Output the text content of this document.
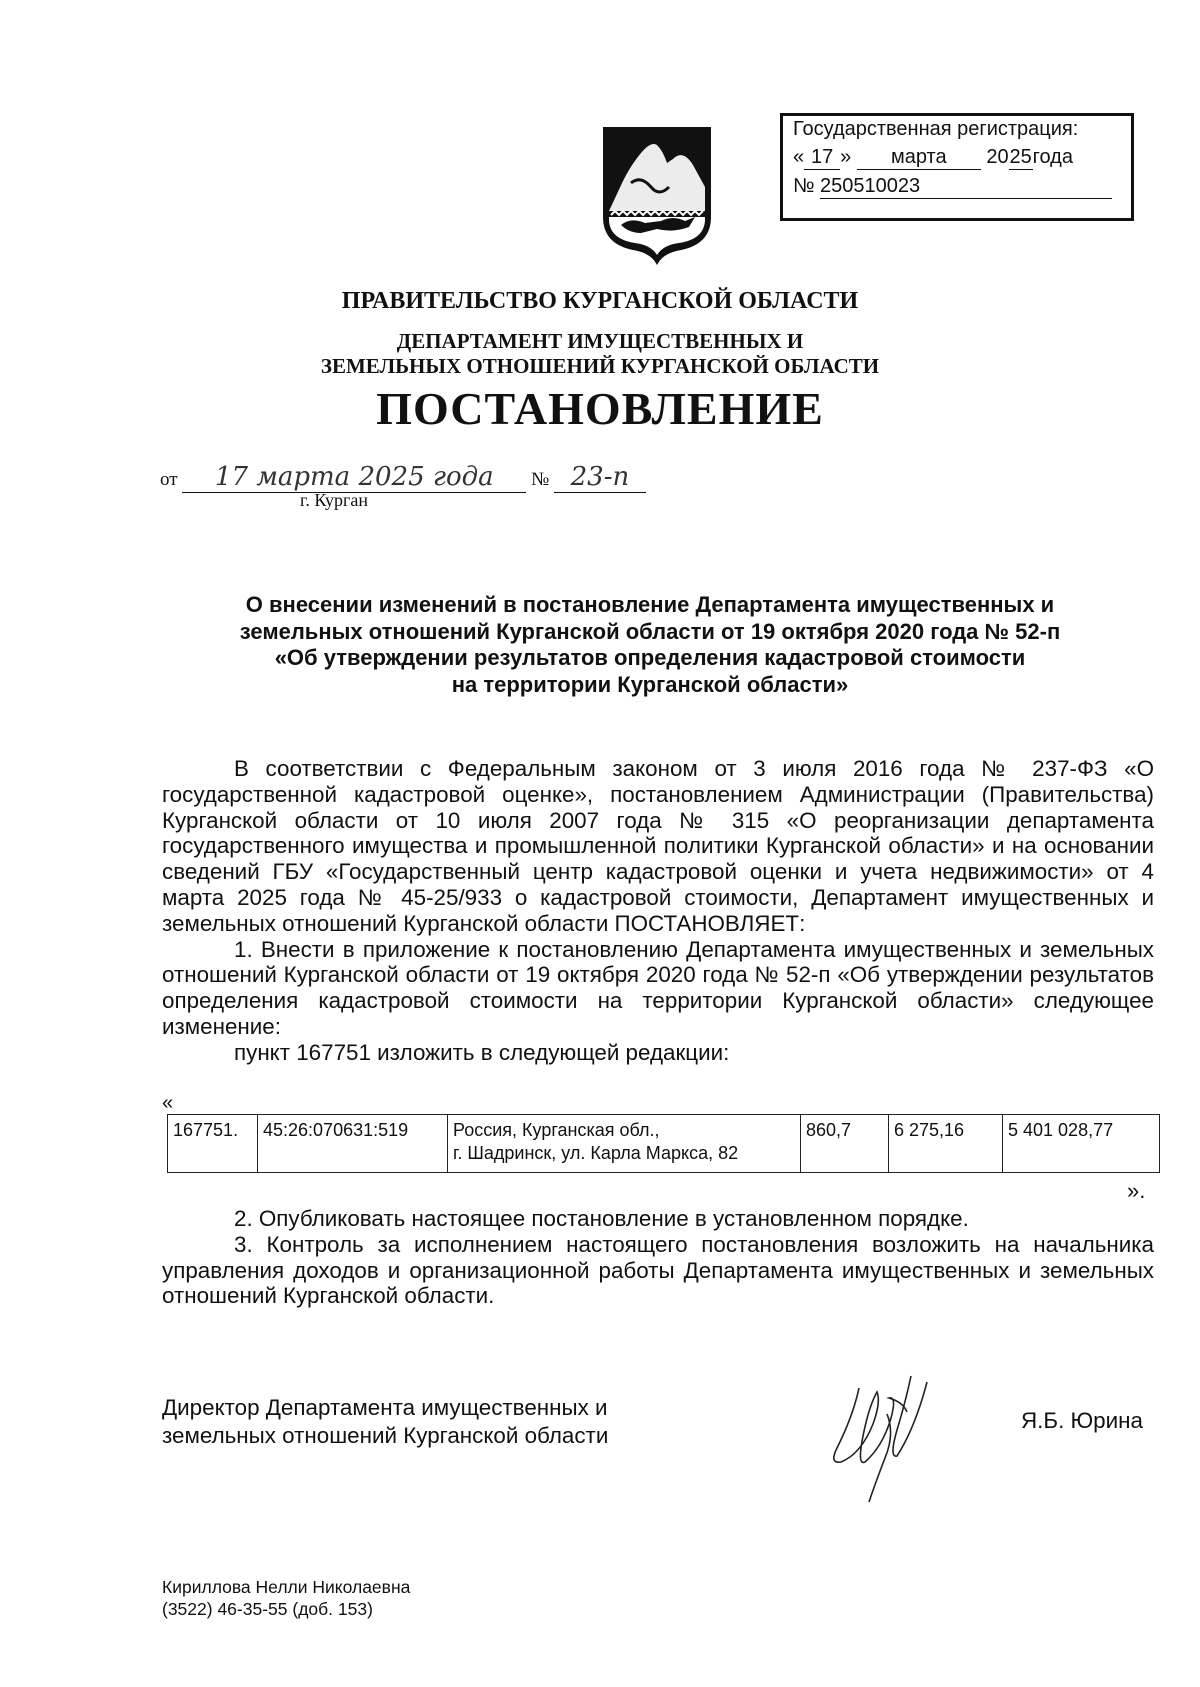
Государственная регистрация:
« 17 » марта 2025года
№ 250510023
ПРАВИТЕЛЬСТВО КУРГАНСКОЙ ОБЛАСТИ
ДЕПАРТАМЕНТ ИМУЩЕСТВЕННЫХ И
ЗЕМЕЛЬНЫХ ОТНОШЕНИЙ КУРГАНСКОЙ ОБЛАСТИ
ПОСТАНОВЛЕНИЕ
от 17 марта 2025 года № 23-п
г. Курган
О внесении изменений в постановление Департамента имущественных и
земельных отношений Курганской области от 19 октября 2020 года № 52-п
«Об утверждении результатов определения кадастровой стоимости
на территории Курганской области»

В соответствии с Федеральным законом от 3 июля 2016 года № 237-ФЗ «О государственной кадастровой оценке», постановлением Администрации (Правительства) Курганской области от 10 июля 2007 года № 315 «О реорганизации департамента государственного имущества и промышленной политики Курганской области» и на основании сведений ГБУ «Государственный центр кадастровой оценки и учета недвижимости» от 4 марта 2025 года № 45-25/933 о кадастровой стоимости, Департамент имущественных и земельных отношений Курганской области ПОСТАНОВЛЯЕТ:

1. Внести в приложение к постановлению Департамента имущественных и земельных отношений Курганской области от 19 октября 2020 года № 52-п «Об утверждении результатов определения кадастровой стоимости на территории Курганской области» следующее изменение:

пункт 167751 изложить в следующей редакции:

«
167751.	45:26:070631:519	Россия, Курганская обл.,
г. Шадринск, ул. Карла Маркса, 82
	860,7	6 275,16	5 401 028,77
».

2. Опубликовать настоящее постановление в установленном порядке.

3. Контроль за исполнением настоящего постановления возложить на начальника управления доходов и организационной работы Департамента имущественных и земельных отношений Курганской области.

Директор Департамента имущественных и
земельных отношений Курганской области
Я.Б. Юрина
Кириллова Нелли Николаевна
(3522) 46-35-55 (доб. 153)
